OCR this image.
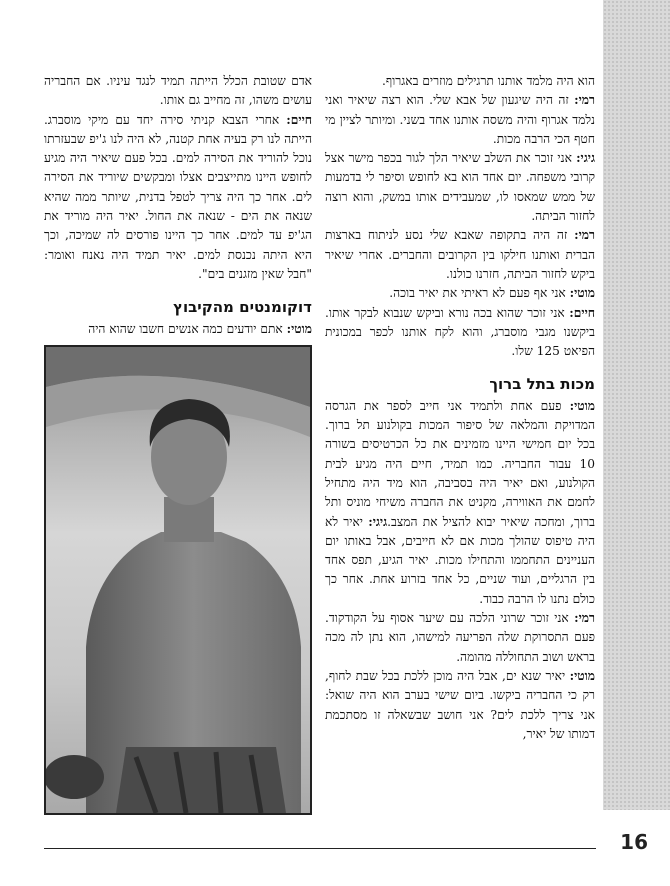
הוא היה מלמד אותנו תרגילים מוזרים באגרוף.

רמי: זה היה שיגעון של אבא שלי. הוא רצה שיאיר ואני נלמד אגרוף והיה משסה אותנו אחד בשני. ומיותר לציין מי חטף הכי הרבה מכות.

גיגי: אני זוכר את השלב שיאיר הלך לגור בכפר מישר אצל קרובי משפחה. יום אחד הוא בא לחופש וסיפר לי בדמעות של ממש שמאסו לו, שמעבידים אותו במשק, והוא רוצה לחזור הביתה.

רמי: זה היה בתקופה שאבא שלי נסע לניתוח בארצות הברית ואותנו חילקו בין הקרובים והחברים. אחרי שיאיר ביקש לחזור הביתה, חזרנו כולנו.

מוטי: אני אף פעם לא ראיתי את יאיר בוכה.

חיים: אני זוכר שהוא בכה נורא וביקש שנבוא לבקר אותו. ביקשנו מגבי מוסברג, והוא לקח אותנו לכפר במכונית הפיאט 125 שלו.

מכות בתל ברוך

מוטי: פעם אחת ולתמיד אני חייב לספר את הגרסה המדויקת והמלאה של סיפור המכות בקולנוע תל ברוך. בכל יום חמישי היינו מזמינים את כל הכרטיסים בשורה 10 עבור החבריה. כמו תמיד, חיים היה מגיע לבית הקולנוע, ואם יאיר היה בסביבה, הוא מיד היה מתחיל לחמם את האווירה, מקניט את החברה משיחי מוניס ותל ברוך, ומחכה שיאיר יבוא להציל את המצב.גיגי: יאיר לא היה טיפוס שהולך מכות אם לא חייבים, אבל באותו יום העניינים התחממו והתחילו מכות. יאיר הגיע, תפס אחד בין הרגליים, ועוד שניים, כל אחד בזרוע אחת. אחר כך כולם נתנו לו הרבה כבוד.

רמי: אני זוכר שרוני הלכה עם שיער אסוף על הקודקוד. פעם התסרוקת שלה הפריעה למישהו, הוא נתן לה מכה בראש ושוב התחוללה מהומה.

מוטי: יאיר שנא ים, אבל היה מוכן ללכת בכל שבת לחוף, רק כי החבריה ביקשו. ביום שישי בערב הוא היה שואל: אני צריך ללכת לים? אני חושב שבשאלה זו מסתכמת דמותו של יאיר,

אדם שטובת הכלל הייתה תמיד לנגד עיניו. אם החבריה עושים משהו, זה מחייב גם אותו.

חיים: אחרי הצבא קניתי סירה יחד עם מיקי מוסברג. הייתה לנו רק בעיה אחת קטנה, לא היה לנו ג'יפ שבעזרתו נוכל להוריד את הסירה למים. בכל פעם שיאיר היה מגיע לחופש היינו מתייצבים אצלו ומבקשים שיוריד את הסירה לים. אחר כך היה צריך לטפל בדנית, שיותר ממה שהיא שנאה את הים - שנאה את החול. יאיר היה מוריד את הג'יפ עד למים. אחר כך היינו פורסים לה שמיכה, וכך היא היתה נכנסת למים. יאיר תמיד היה נאנח ואומר: "חבל שאין מזגנים בים".

דוקומנטים מהקיבוץ

מוטי: אתם יודעים כמה אנשים חשבו שהוא היה

16
